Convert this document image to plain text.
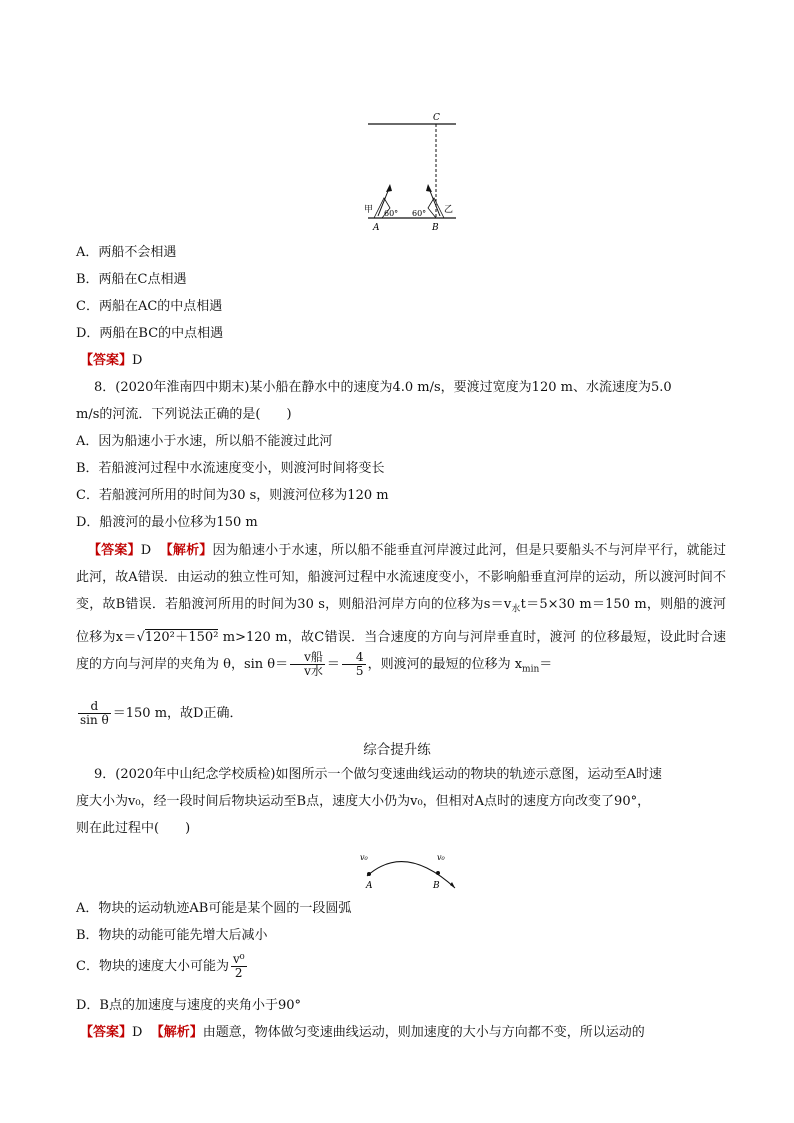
C
A	B
60° 60°
甲	乙
A．两船不会相遇
B．两船在C点相遇
C．两船在AC的中点相遇
D．两船在BC的中点相遇
【答案】D
8．(2020年淮南四中期末)某小船在静水中的速度为4.0 m/s，要渡过宽度为120 m、水流速度为5.0
m/s的河流．下列说法正确的是(　　)
A．因为船速小于水速，所以船不能渡过此河
B．若船渡河过程中水流速度变小，则渡河时间将变长
C．若船渡河所用的时间为30 s，则渡河位移为120 m
D．船渡河的最小位移为150 m
【答案】D 【解析】因为船速小于水速，所以船不能垂直河岸渡过此河，但是只要船头不与河岸平行，就能过此河，故A错误．由运动的独立性可知，船渡河过程中水流速度变小，不影响船垂直河岸的运动，所以渡河时间不变，故B错误．若船渡河所用的时间为30 s，则船沿河岸方向的位移为$s=v_水t=5\times 30$ m＝150 m，则船的渡河位移为x＝√120²＋150² m>120 m，故C错误．当合速度的方向与河岸垂直时，渡河 的位移最短，设此时合速度的方向与河岸的夹角为 θ，$\sin \theta= \frac{\text{v船}}{\text{v水}} = \frac{4}{5}$ ，则渡河的最短的位移为 $x_{min}=$
$\frac{d}{\text{sin θ}} =150$ m，故D正确．
综合提升练
9．(2020年中山纪念学校质检)如图所示一个做匀变速曲线运动的物块的轨迹示意图，运动至A时速
度大小为v₀，经一段时间后物块运动至B点，速度大小仍为v₀，但相对A点时的速度方向改变了90°，
则在此过程中(　　)
v₀	v₀
A	B
A．物块的运动轨迹AB可能是某个圆的一段圆弧
B．物块的动能可能先增大后减小
C．物块的速度大小可能为 $\frac{\text{v⁰}}{2}$
D．B点的加速度与速度的夹角小于90°
【答案】D 【解析】由题意，物体做匀变速曲线运动，则加速度的大小与方向都不变，所以运动的
